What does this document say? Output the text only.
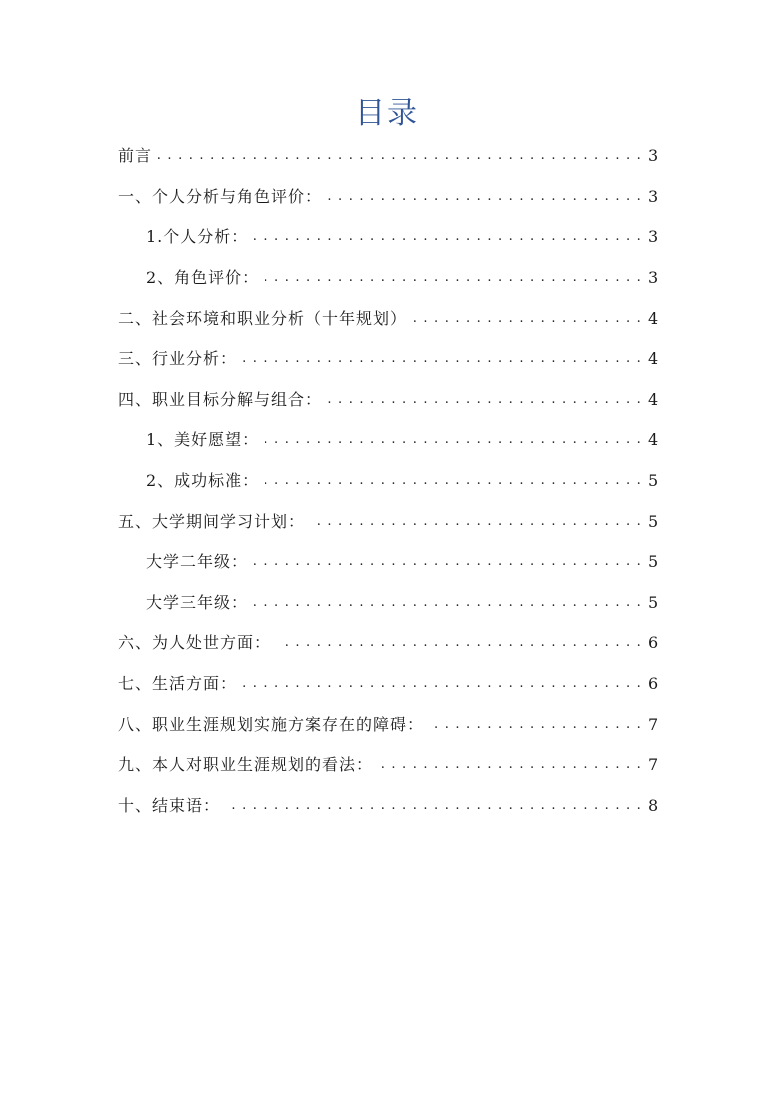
目录
前言 . . .	3
一、个人分析与角色评价： . . .	3
1.个人分析： . . .	3
2、角色评价： . . .	3
二、社会环境和职业分析（十年规划） . . .	4
三、行业分析： . . .	4
四、职业目标分解与组合： . . .	4
1、美好愿望： . . .	4
2、成功标准： . . .	5
五、大学期间学习计划： . . .	5
大学二年级： . . .	5
大学三年级： . . .	5
六、为人处世方面： . . .	6
七、生活方面： . . .	6
八、职业生涯规划实施方案存在的障碍： . . .	7
九、本人对职业生涯规划的看法： . . .	7
十、结束语： . . .	8
